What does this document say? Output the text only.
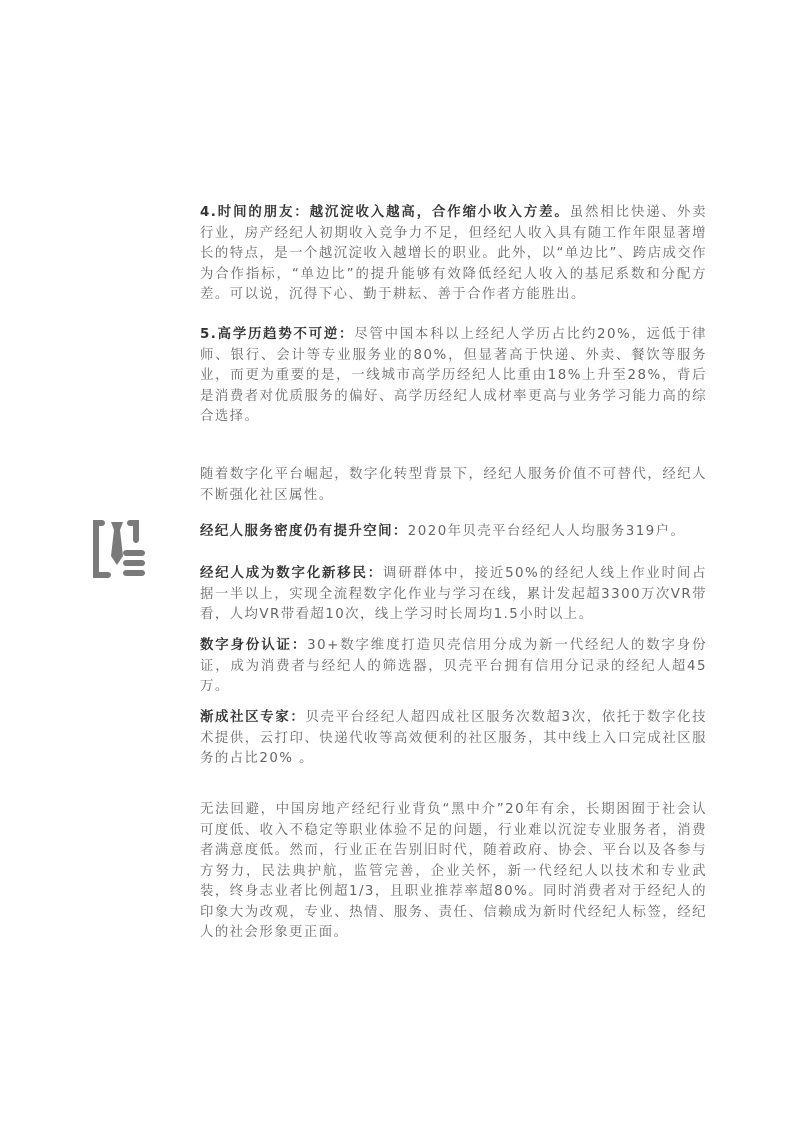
4.时间的朋友：越沉淀收入越高，合作缩小收入方差。虽然相比快递、外卖行业，房产经纪人初期收入竞争力不足，但经纪人收入具有随工作年限显著增长的特点，是一个越沉淀收入越增长的职业。此外，以“单边比”、跨店成交作为合作指标，“单边比”的提升能够有效降低经纪人收入的基尼系数和分配方差。可以说，沉得下心、勤于耕耘、善于合作者方能胜出。

5.高学历趋势不可逆：尽管中国本科以上经纪人学历占比约20%，远低于律师、银行、会计等专业服务业的80%，但显著高于快递、外卖、餐饮等服务业，而更为重要的是，一线城市高学历经纪人比重由18%上升至28%，背后是消费者对优质服务的偏好、高学历经纪人成材率更高与业务学习能力高的综合选择。

随着数字化平台崛起，数字化转型背景下，经纪人服务价值不可替代，经纪人不断强化社区属性。

经纪人服务密度仍有提升空间：2020年贝壳平台经纪人人均服务319户。

经纪人成为数字化新移民：调研群体中，接近50%的经纪人线上作业时间占据一半以上，实现全流程数字化作业与学习在线，累计发起超3300万次VR带看，人均VR带看超10次，线上学习时长周均1.5小时以上。

数字身份认证：30+数字维度打造贝壳信用分成为新一代经纪人的数字身份证，成为消费者与经纪人的筛选器，贝壳平台拥有信用分记录的经纪人超45万。

渐成社区专家：贝壳平台经纪人超四成社区服务次数超3次，依托于数字化技术提供，云打印、快递代收等高效便利的社区服务，其中线上入口完成社区服务的占比20% 。

无法回避，中国房地产经纪行业背负“黑中介”20年有余，长期困囿于社会认可度低、收入不稳定等职业体验不足的问题，行业难以沉淀专业服务者，消费者满意度低。然而，行业正在告别旧时代，随着政府、协会、平台以及各参与方努力，民法典护航，监管完善，企业关怀，新一代经纪人以技术和专业武装，终身志业者比例超1/3，且职业推荐率超80%。同时消费者对于经纪人的印象大为改观，专业、热情、服务、责任、信赖成为新时代经纪人标签，经纪人的社会形象更正面。
